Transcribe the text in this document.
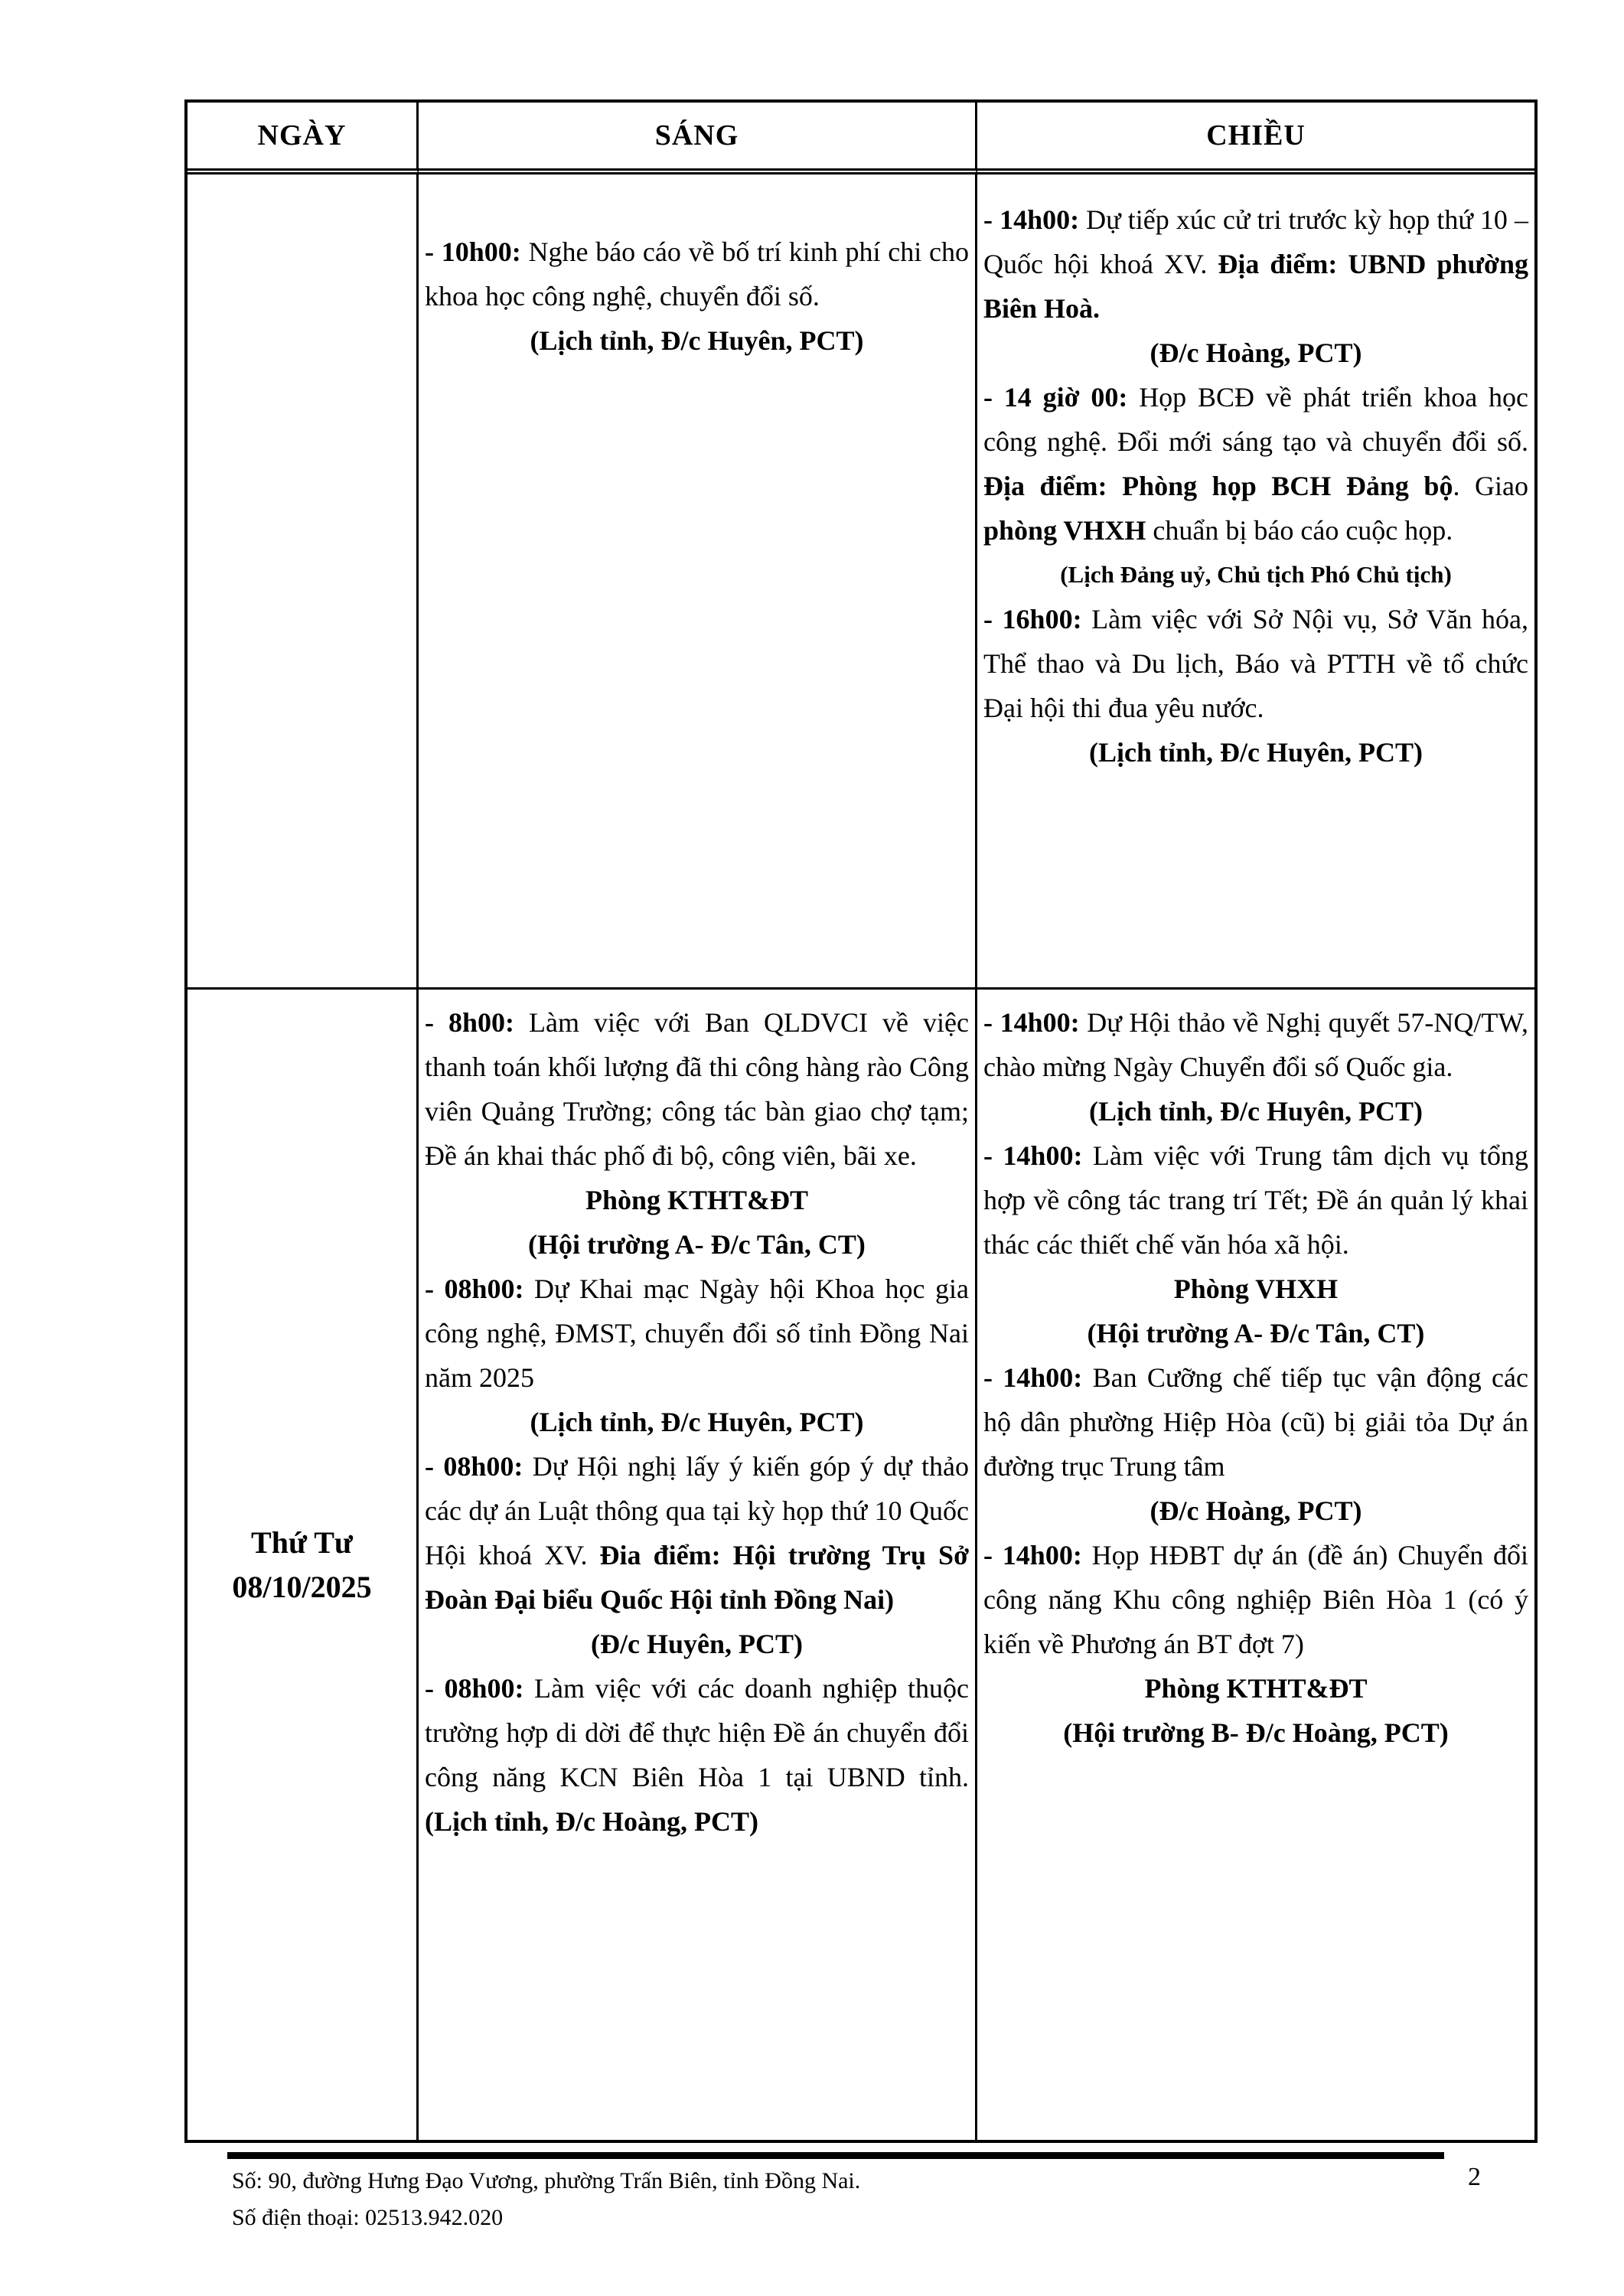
NGÀY	SÁNG	CHIỀU

- 10h00: Nghe báo cáo về bố trí kinh phí chi cho khoa học công nghệ, chuyển đổi số.

(Lịch tỉnh, Đ/c Huyên, PCT)

- 14h00: Dự tiếp xúc cử tri trước kỳ họp thứ 10 – Quốc hội khoá XV. Địa điểm: UBND phường Biên Hoà.

(Đ/c Hoàng, PCT)

- 14 giờ 00: Họp BCĐ về phát triển khoa học công nghệ. Đổi mới sáng tạo và chuyển đổi số. Địa điểm: Phòng họp BCH Đảng bộ. Giao phòng VHXH chuẩn bị báo cáo cuộc họp.

(Lịch Đảng uỷ, Chủ tịch Phó Chủ tịch)

- 16h00: Làm việc với Sở Nội vụ, Sở Văn hóa, Thể thao và Du lịch, Báo và PTTH về tổ chức Đại hội thi đua yêu nước.

(Lịch tỉnh, Đ/c Huyên, PCT)

Thứ Tư
08/10/2025

- 8h00: Làm việc với Ban QLDVCI về việc thanh toán khối lượng đã thi công hàng rào Công viên Quảng Trường; công tác bàn giao chợ tạm; Đề án khai thác phố đi bộ, công viên, bãi xe.

Phòng KTHT&ĐT

(Hội trường A- Đ/c Tân, CT)

- 08h00: Dự Khai mạc Ngày hội Khoa học gia công nghệ, ĐMST, chuyển đổi số tỉnh Đồng Nai năm 2025

(Lịch tỉnh, Đ/c Huyên, PCT)

- 08h00: Dự Hội nghị lấy ý kiến góp ý dự thảo các dự án Luật thông qua tại kỳ họp thứ 10 Quốc Hội khoá XV. Đia điểm: Hội trường Trụ Sở Đoàn Đại biểu Quốc Hội tỉnh Đồng Nai)

(Đ/c Huyên, PCT)

- 08h00: Làm việc với các doanh nghiệp thuộc trường hợp di dời để thực hiện Đề án chuyển đổi công năng KCN Biên Hòa 1 tại UBND tỉnh. (Lịch tỉnh, Đ/c Hoàng, PCT)

- 14h00: Dự Hội thảo về Nghị quyết 57-NQ/TW, chào mừng Ngày Chuyển đổi số Quốc gia.

(Lịch tỉnh, Đ/c Huyên, PCT)

- 14h00: Làm việc với Trung tâm dịch vụ tổng hợp về công tác trang trí Tết; Đề án quản lý khai thác các thiết chế văn hóa xã hội.

Phòng VHXH

(Hội trường A- Đ/c Tân, CT)

- 14h00: Ban Cưỡng chế tiếp tục vận động các hộ dân phường Hiệp Hòa (cũ) bị giải tỏa Dự án đường trục Trung tâm

(Đ/c Hoàng, PCT)

- 14h00: Họp HĐBT dự án (đề án) Chuyển đổi công năng Khu công nghiệp Biên Hòa 1 (có ý kiến về Phương án BT đợt 7)

Phòng KTHT&ĐT

(Hội trường B- Đ/c Hoàng, PCT)

Số: 90, đường Hưng Đạo Vương, phường Trấn Biên, tỉnh Đồng Nai.
Số điện thoại: 02513.942.020
2
